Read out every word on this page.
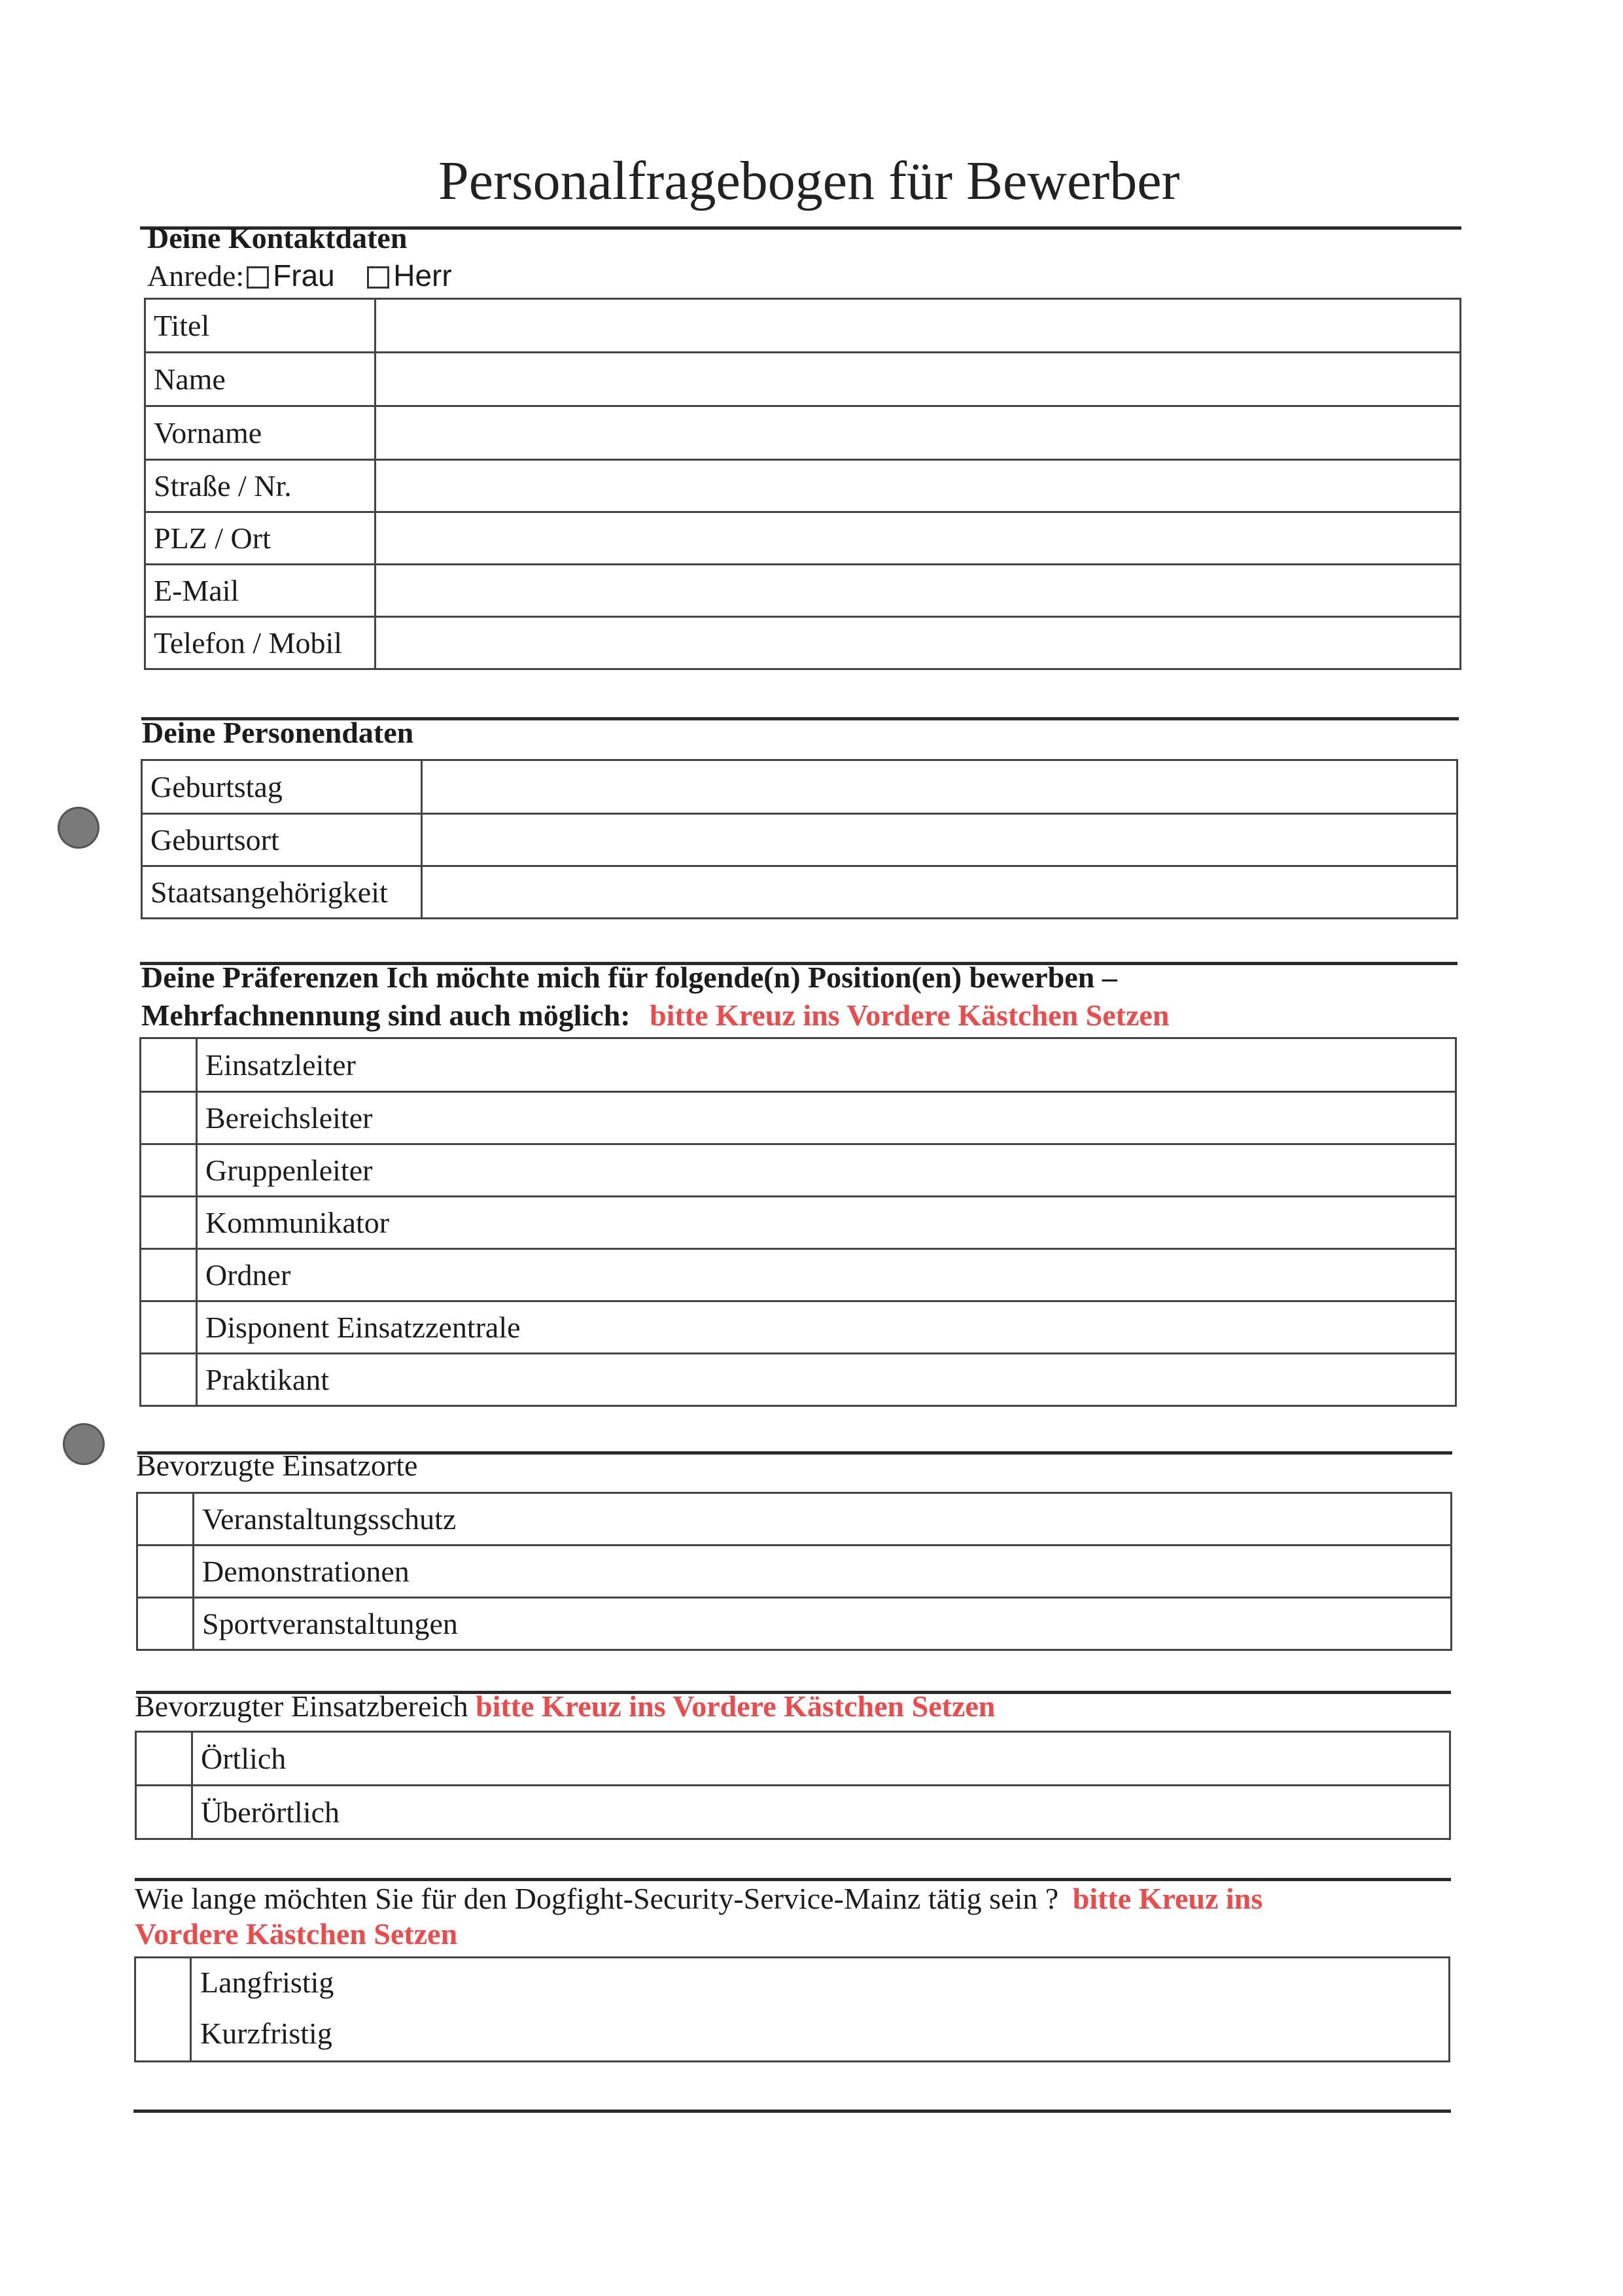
Personalfragebogen für Bewerber
Deine Kontaktdaten
Anrede: Frau Herr
Titel	
Name	
Vorname	
Straße / Nr.	
PLZ / Ort	
E-Mail	
Telefon / Mobil	
Deine Personendaten
Geburtstag	
Geburtsort	
Staatsangehörigkeit	
Deine Präferenzen Ich möchte mich für folgende(n) Position(en) bewerben –
Mehrfachnennung sind auch möglich: bitte Kreuz ins Vordere Kästchen Setzen
	Einsatzleiter
	Bereichsleiter
	Gruppenleiter
	Kommunikator
	Ordner
	Disponent Einsatzzentrale
	Praktikant
Bevorzugte Einsatzorte
	Veranstaltungsschutz
	Demonstrationen
	Sportveranstaltungen
Bevorzugter Einsatzbereich bitte Kreuz ins Vordere Kästchen Setzen
	Örtlich
	Überörtlich
Wie lange möchten Sie für den Dogfight-Security-Service-Mainz tätig sein ? bitte Kreuz ins
Vordere Kästchen Setzen
Langfristig
Kurzfristig
